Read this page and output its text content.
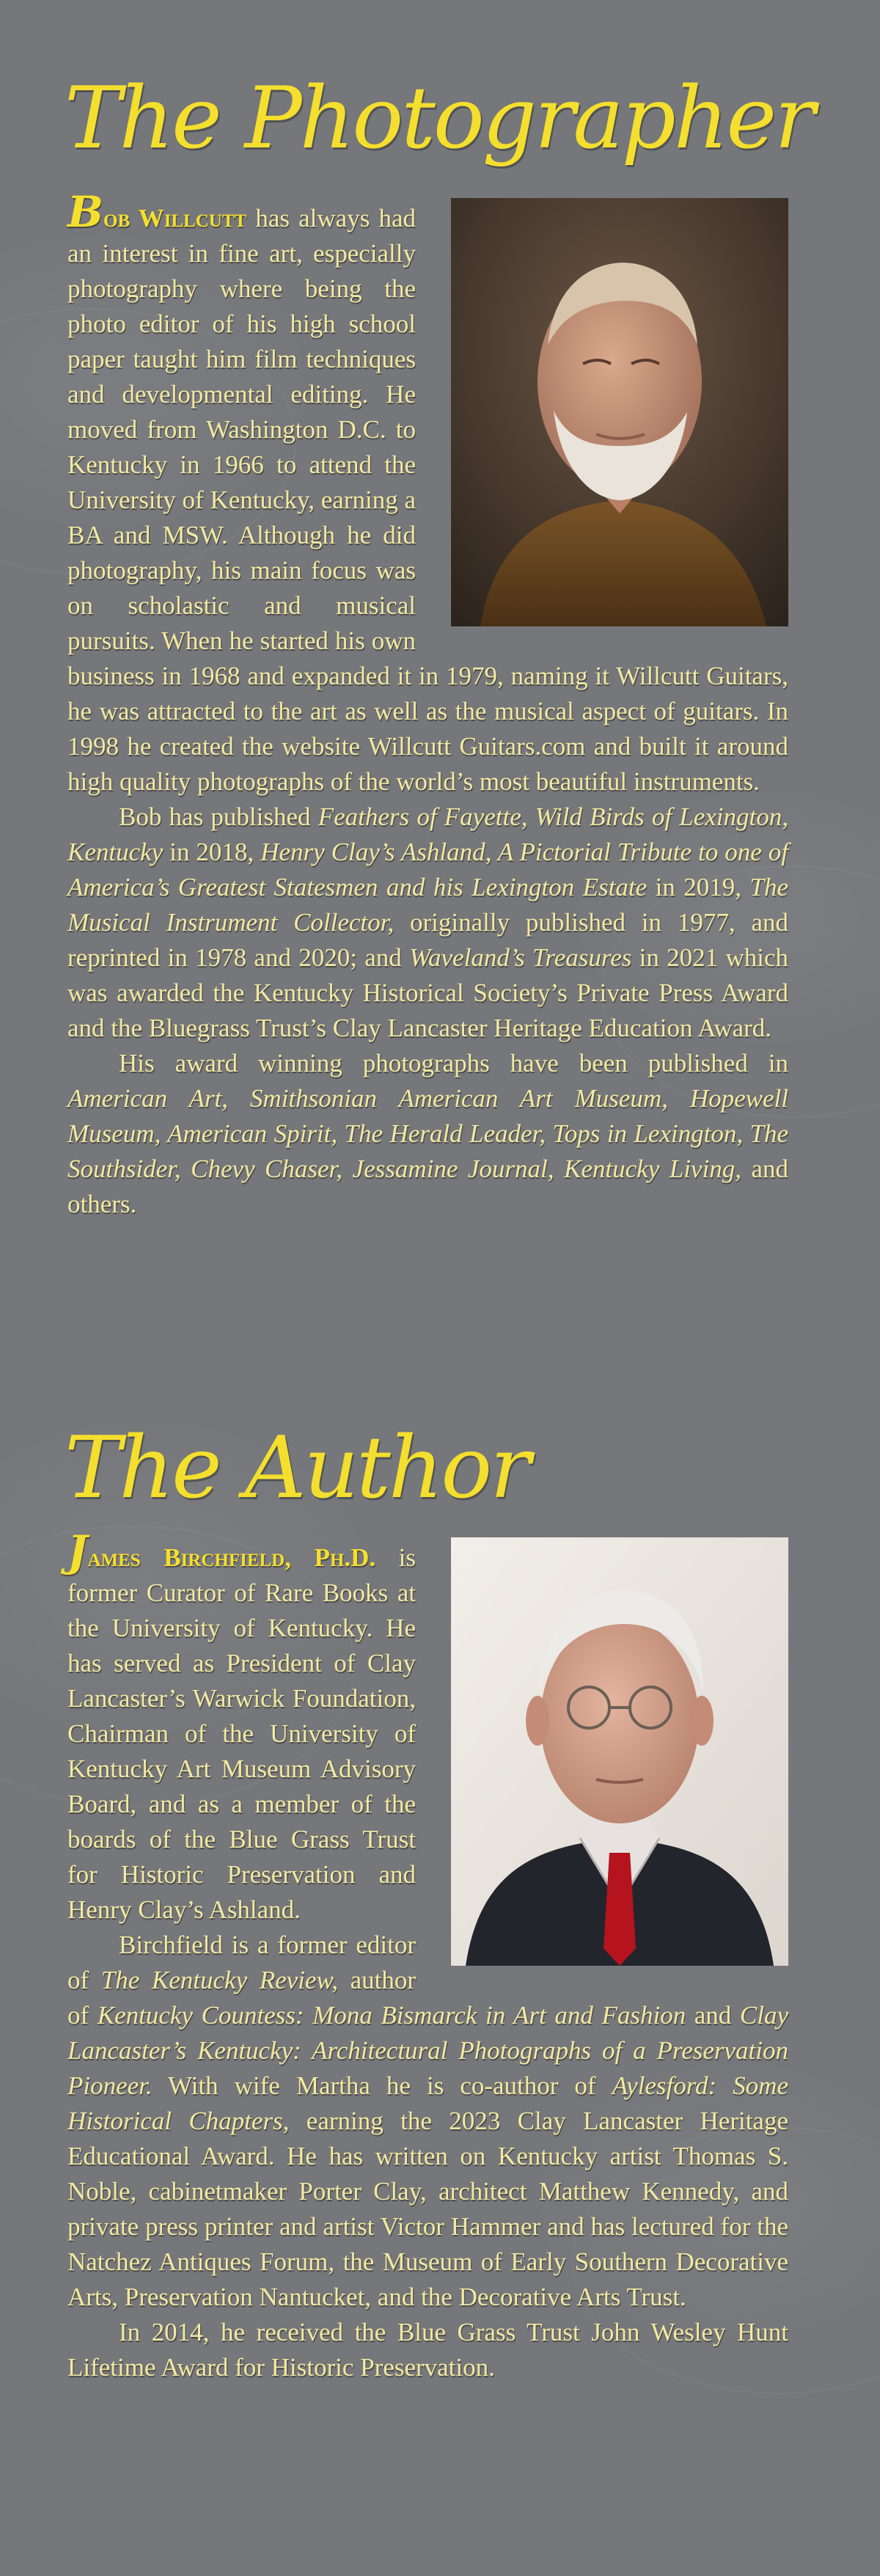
The Photographer

Bob Willcutt has always had an interest in fine art, especially photography where being the photo editor of his high school paper taught him film techniques and developmental editing. He moved from Washington D.C. to Kentucky in 1966 to attend the University of Kentucky, earning a BA and MSW. Although he did photography, his main focus was on scholastic and musical pursuits. When he started his own business in 1968 and expanded it in 1979, naming it Willcutt Guitars, he was attracted to the art as well as the musical aspect of guitars. In 1998 he created the website Willcutt Guitars.com and built it around high quality photographs of the world’s most beautiful instruments.

Bob has published Feathers of Fayette, Wild Birds of Lexington, Kentucky in 2018, Henry Clay’s Ashland, A Pictorial Tribute to one of America’s Greatest Statesmen and his Lexington Estate in 2019, The Musical Instrument Collector, originally published in 1977, and reprinted in 1978 and 2020; and Waveland’s Treasures in 2021 which was awarded the Kentucky Historical Society’s Private Press Award and the Bluegrass Trust’s Clay Lancaster Heritage Education Award.

His award winning photographs have been published in American Art, Smithsonian American Art Museum, Hopewell Museum, American Spirit, The Herald Leader, Tops in Lexington, The Southsider, Chevy Chaser, Jessamine Journal, Kentucky Living, and others.

The Author

James Birchfield, Ph.D. is former Curator of Rare Books at the University of Kentucky. He has served as President of Clay Lancaster’s Warwick Foundation, Chairman of the University of Kentucky Art Museum Advisory Board, and as a member of the boards of the Blue Grass Trust for Historic Preservation and Henry Clay’s Ashland.

Birchfield is a former editor of The Kentucky Review, author of Kentucky Countess: Mona Bismarck in Art and Fashion and Clay Lancaster’s Kentucky: Architectural Photographs of a Preservation Pioneer. With wife Martha he is co-author of Aylesford: Some Historical Chapters, earning the 2023 Clay Lancaster Heritage Educational Award. He has written on Kentucky artist Thomas S. Noble, cabinetmaker Porter Clay, architect Matthew Kennedy, and private press printer and artist Victor Hammer and has lectured for the Natchez Antiques Forum, the Museum of Early Southern Decorative Arts, Preservation Nantucket, and the Decorative Arts Trust.

In 2014, he received the Blue Grass Trust John Wesley Hunt Lifetime Award for Historic Preservation.
